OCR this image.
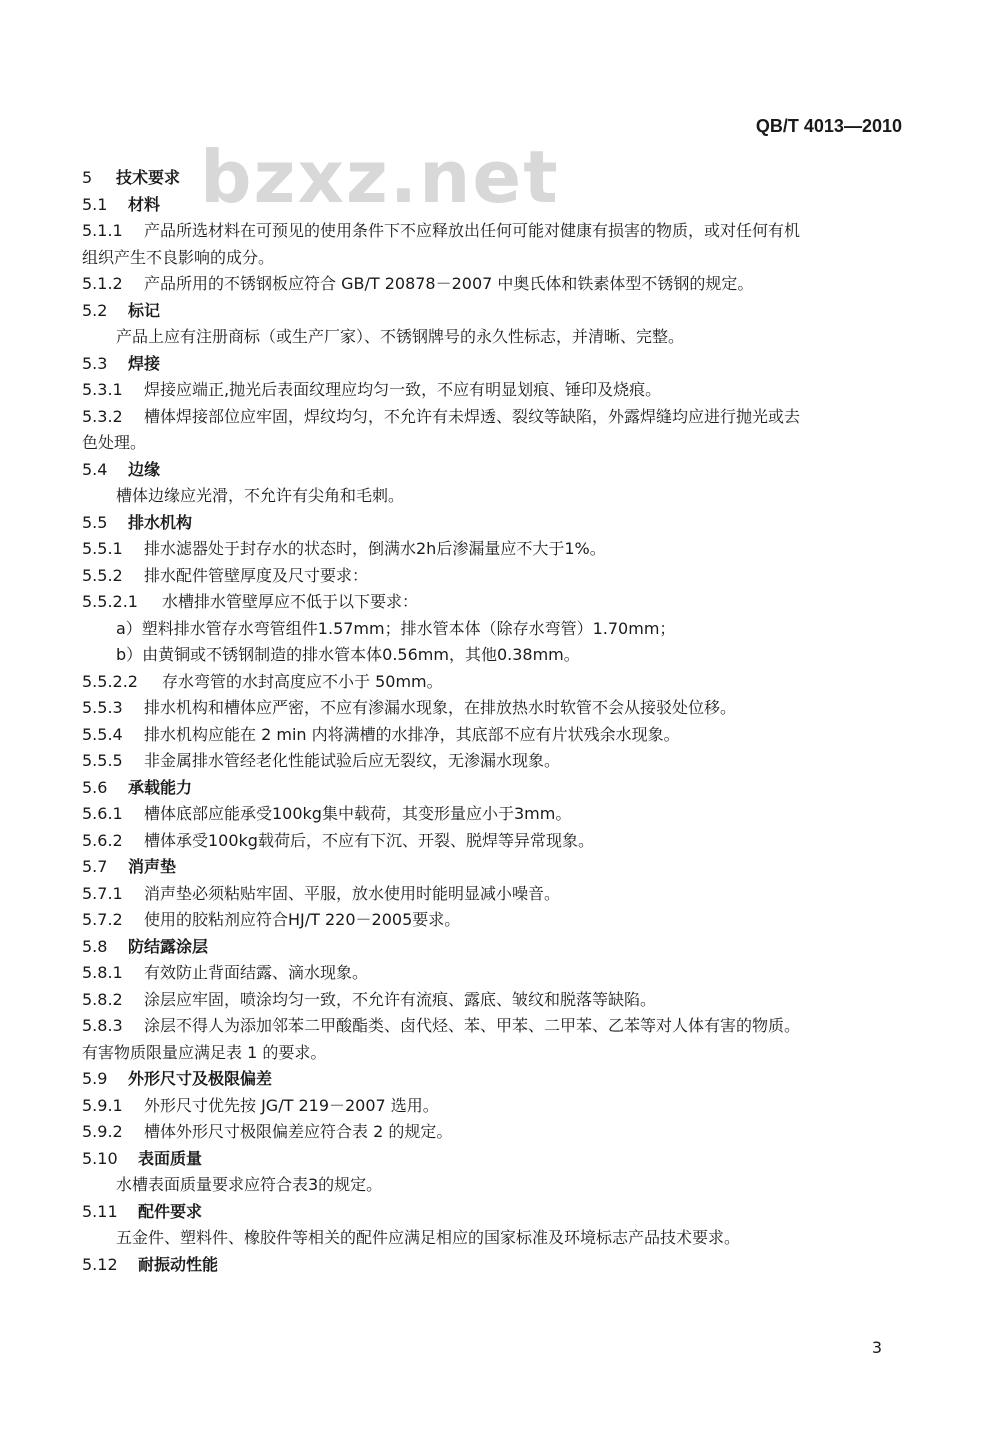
bzxz.net
QB/T 4013—2010
5 技术要求
5.1 材料
5.1.1 产品所选材料在可预见的使用条件下不应释放出任何可能对健康有损害的物质，或对任何有机
组织产生不良影响的成分。
5.1.2 产品所用的不锈钢板应符合 GB/T 20878－2007 中奥氏体和铁素体型不锈钢的规定。
5.2 标记
产品上应有注册商标（或生产厂家）、不锈钢牌号的永久性标志，并清晰、完整。
5.3 焊接
5.3.1 焊接应端正,抛光后表面纹理应均匀一致，不应有明显划痕、锤印及烧痕。
5.3.2 槽体焊接部位应牢固，焊纹均匀，不允许有未焊透、裂纹等缺陷，外露焊缝均应进行抛光或去
色处理。
5.4 边缘
槽体边缘应光滑，不允许有尖角和毛刺。
5.5 排水机构
5.5.1 排水滤器处于封存水的状态时，倒满水2h后渗漏量应不大于1%。
5.5.2 排水配件管壁厚度及尺寸要求：
5.5.2.1 水槽排水管壁厚应不低于以下要求：
a）塑料排水管存水弯管组件1.57mm；排水管本体（除存水弯管）1.70mm；
b）由黄铜或不锈钢制造的排水管本体0.56mm，其他0.38mm。
5.5.2.2 存水弯管的水封高度应不小于 50mm。
5.5.3 排水机构和槽体应严密，不应有渗漏水现象，在排放热水时软管不会从接驳处位移。
5.5.4 排水机构应能在 2 min 内将满槽的水排净，其底部不应有片状残余水现象。
5.5.5 非金属排水管经老化性能试验后应无裂纹，无渗漏水现象。
5.6 承载能力
5.6.1 槽体底部应能承受100kg集中载荷，其变形量应小于3mm。
5.6.2 槽体承受100kg载荷后，不应有下沉、开裂、脱焊等异常现象。
5.7 消声垫
5.7.1 消声垫必须粘贴牢固、平服，放水使用时能明显减小噪音。
5.7.2 使用的胶粘剂应符合HJ/T 220－2005要求。
5.8 防结露涂层
5.8.1 有效防止背面结露、滴水现象。
5.8.2 涂层应牢固，喷涂均匀一致，不允许有流痕、露底、皱纹和脱落等缺陷。
5.8.3 涂层不得人为添加邻苯二甲酸酯类、卤代烃、苯、甲苯、二甲苯、乙苯等对人体有害的物质。
有害物质限量应满足表 1 的要求。
5.9 外形尺寸及极限偏差
5.9.1 外形尺寸优先按 JG/T 219－2007 选用。
5.9.2 槽体外形尺寸极限偏差应符合表 2 的规定。
5.10 表面质量
水槽表面质量要求应符合表3的规定。
5.11 配件要求
五金件、塑料件、橡胶件等相关的配件应满足相应的国家标准及环境标志产品技术要求。
5.12 耐振动性能
3
